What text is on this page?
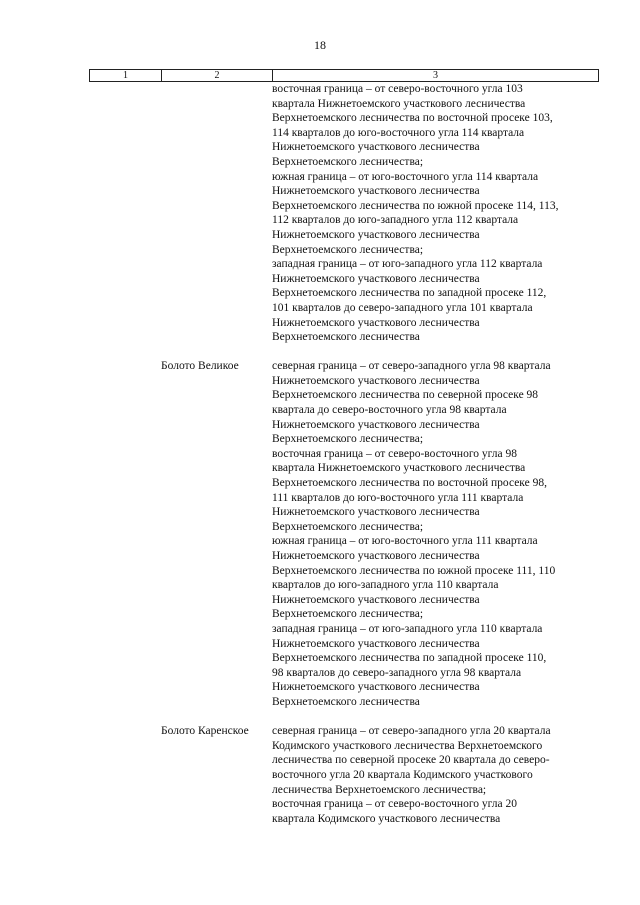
18
1	2	3
восточная граница – от северо-восточного угла 103
квартала Нижнетоемского участкового лесничества
Верхнетоемского лесничества по восточной просеке 103,
114 кварталов до юго-восточного угла 114 квартала
Нижнетоемского участкового лесничества
Верхнетоемского лесничества;
южная граница – от юго-восточного угла 114 квартала
Нижнетоемского участкового лесничества
Верхнетоемского лесничества по южной просеке 114, 113,
112 кварталов до юго-западного угла 112 квартала
Нижнетоемского участкового лесничества
Верхнетоемского лесничества;
западная граница – от юго-западного угла 112 квартала
Нижнетоемского участкового лесничества
Верхнетоемского лесничества по западной просеке 112,
101 кварталов до северо-западного угла 101 квартала
Нижнетоемского участкового лесничества
Верхнетоемского лесничества
Болото Великое	северная граница – от северо-западного угла 98 квартала
Нижнетоемского участкового лесничества
Верхнетоемского лесничества по северной просеке 98
квартала до северо-восточного угла 98 квартала
Нижнетоемского участкового лесничества
Верхнетоемского лесничества;
восточная граница – от северо-восточного угла 98
квартала Нижнетоемского участкового лесничества
Верхнетоемского лесничества по восточной просеке 98,
111 кварталов до юго-восточного угла 111 квартала
Нижнетоемского участкового лесничества
Верхнетоемского лесничества;
южная граница – от юго-восточного угла 111 квартала
Нижнетоемского участкового лесничества
Верхнетоемского лесничества по южной просеке 111, 110
кварталов до юго-западного угла 110 квартала
Нижнетоемского участкового лесничества
Верхнетоемского лесничества;
западная граница – от юго-западного угла 110 квартала
Нижнетоемского участкового лесничества
Верхнетоемского лесничества по западной просеке 110,
98 кварталов до северо-западного угла 98 квартала
Нижнетоемского участкового лесничества
Верхнетоемского лесничества
Болото Каренское	северная граница – от северо-западного угла 20 квартала
Кодимского участкового лесничества Верхнетоемского
лесничества по северной просеке 20 квартала до северо-
восточного угла 20 квартала Кодимского участкового
лесничества Верхнетоемского лесничества;
восточная граница – от северо-восточного угла 20
квартала Кодимского участкового лесничества
